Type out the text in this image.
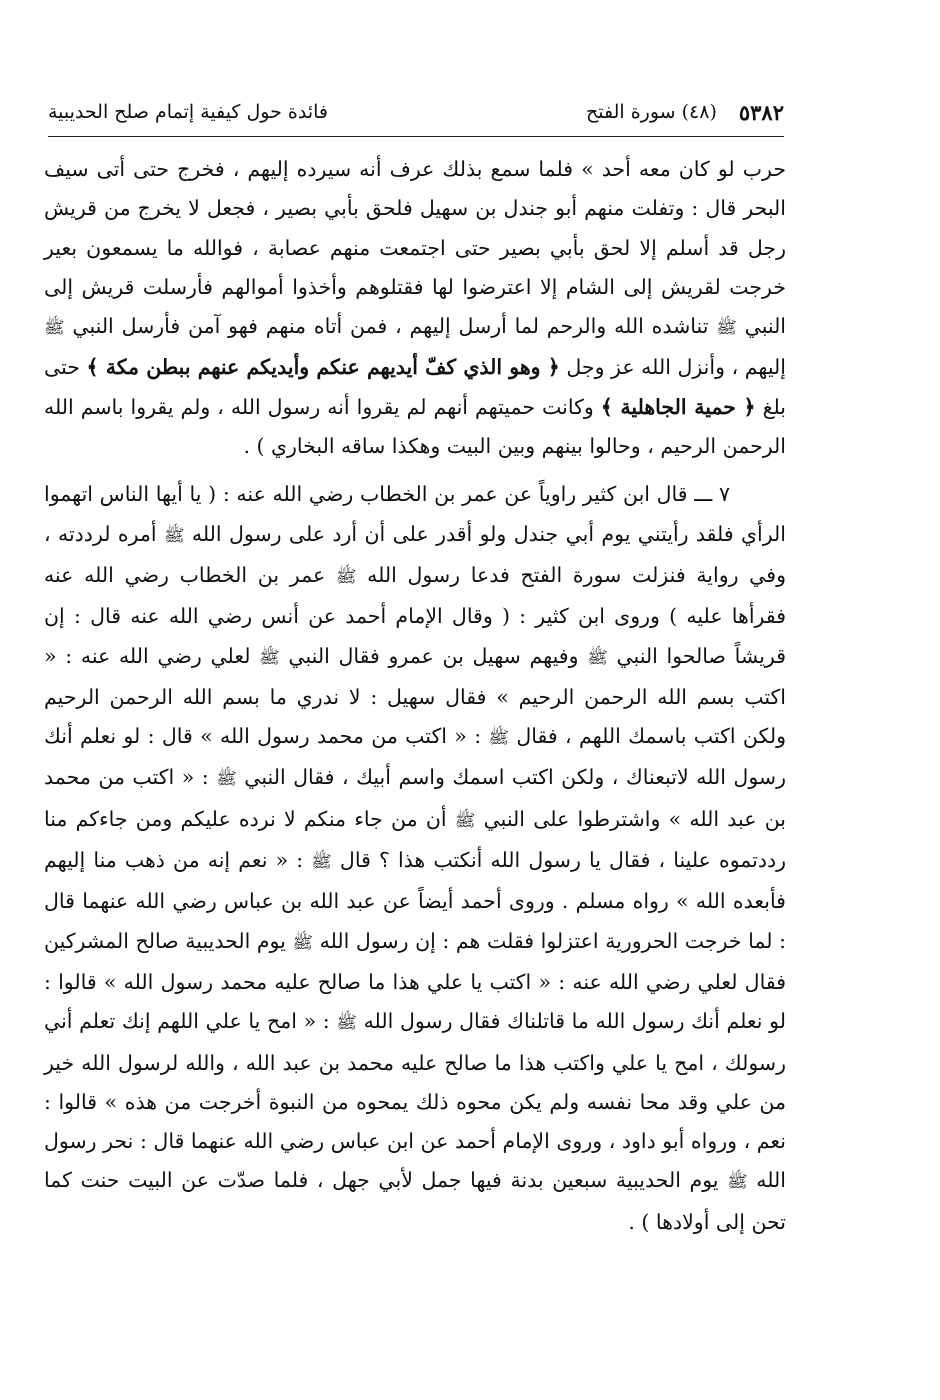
٥٣٨٢
(٤٨) سورة الفتح
فائدة حول كيفية إتمام صلح الحديبية

حرب لو كان معه أحد » فلما سمع بذلك عرف أنه سيرده إليهم ، فخرج حتى أتى سيف البحر قال : وتفلت منهم أبو جندل بن سهيل فلحق بأبي بصير ، فجعل لا يخرج من قريش رجل قد أسلم إلا لحق بأبي بصير حتى اجتمعت منهم عصابة ، فوالله ما يسمعون بعير خرجت لقريش إلى الشام إلا اعترضوا لها فقتلوهم وأخذوا أموالهم فأرسلت قريش إلى النبي ﷺ تناشده الله والرحم لما أرسل إليهم ، فمن أتاه منهم فهو آمن فأرسل النبي ﷺ إليهم ، وأنزل الله عز وجل ﴿ وهو الذي كفّ أيديهم عنكم وأيديكم عنهم ببطن مكة ﴾ حتى بلغ ﴿ حمية الجاهلية ﴾ وكانت حميتهم أنهم لم يقروا أنه رسول الله ، ولم يقروا باسم الله الرحمن الرحيم ، وحالوا بينهم وبين البيت وهكذا ساقه البخاري ) .

٧ ـــ قال ابن كثير راوياً عن عمر بن الخطاب رضي الله عنه : ( يا أيها الناس اتهموا الرأي فلقد رأيتني يوم أبي جندل ولو أقدر على أن أرد على رسول الله ﷺ أمره لرددته ، وفي رواية فنزلت سورة الفتح فدعا رسول الله ﷺ عمر بن الخطاب رضي الله عنه فقرأها عليه ) وروى ابن كثير : ( وقال الإمام أحمد عن أنس رضي الله عنه قال : إن قريشاً صالحوا النبي ﷺ وفيهم سهيل بن عمرو فقال النبي ﷺ لعلي رضي الله عنه : « اكتب بسم الله الرحمن الرحيم » فقال سهيل : لا ندري ما بسم الله الرحمن الرحيم ولكن اكتب باسمك اللهم ، فقال ﷺ : « اكتب من محمد رسول الله » قال : لو نعلم أنك رسول الله لاتبعناك ، ولكن اكتب اسمك واسم أبيك ، فقال النبي ﷺ : « اكتب من محمد بن عبد الله » واشترطوا على النبي ﷺ أن من جاء منكم لا نرده عليكم ومن جاءكم منا رددتموه علينا ، فقال يا رسول الله أنكتب هذا ؟ قال ﷺ : « نعم إنه من ذهب منا إليهم فأبعده الله » رواه مسلم . وروى أحمد أيضاً عن عبد الله بن عباس رضي الله عنهما قال : لما خرجت الحرورية اعتزلوا فقلت هم : إن رسول الله ﷺ يوم الحديبية صالح المشركين فقال لعلي رضي الله عنه : « اكتب يا علي هذا ما صالح عليه محمد رسول الله » قالوا : لو نعلم أنك رسول الله ما قاتلناك فقال رسول الله ﷺ : « امح يا علي اللهم إنك تعلم أني رسولك ، امح يا علي واكتب هذا ما صالح عليه محمد بن عبد الله ، والله لرسول الله خير من علي وقد محا نفسه ولم يكن محوه ذلك يمحوه من النبوة أخرجت من هذه » قالوا : نعم ، ورواه أبو داود ، وروى الإمام أحمد عن ابن عباس رضي الله عنهما قال : نحر رسول الله ﷺ يوم الحديبية سبعين بدنة فيها جمل لأبي جهل ، فلما صدّت عن البيت حنت كما تحن إلى أولادها ) .
